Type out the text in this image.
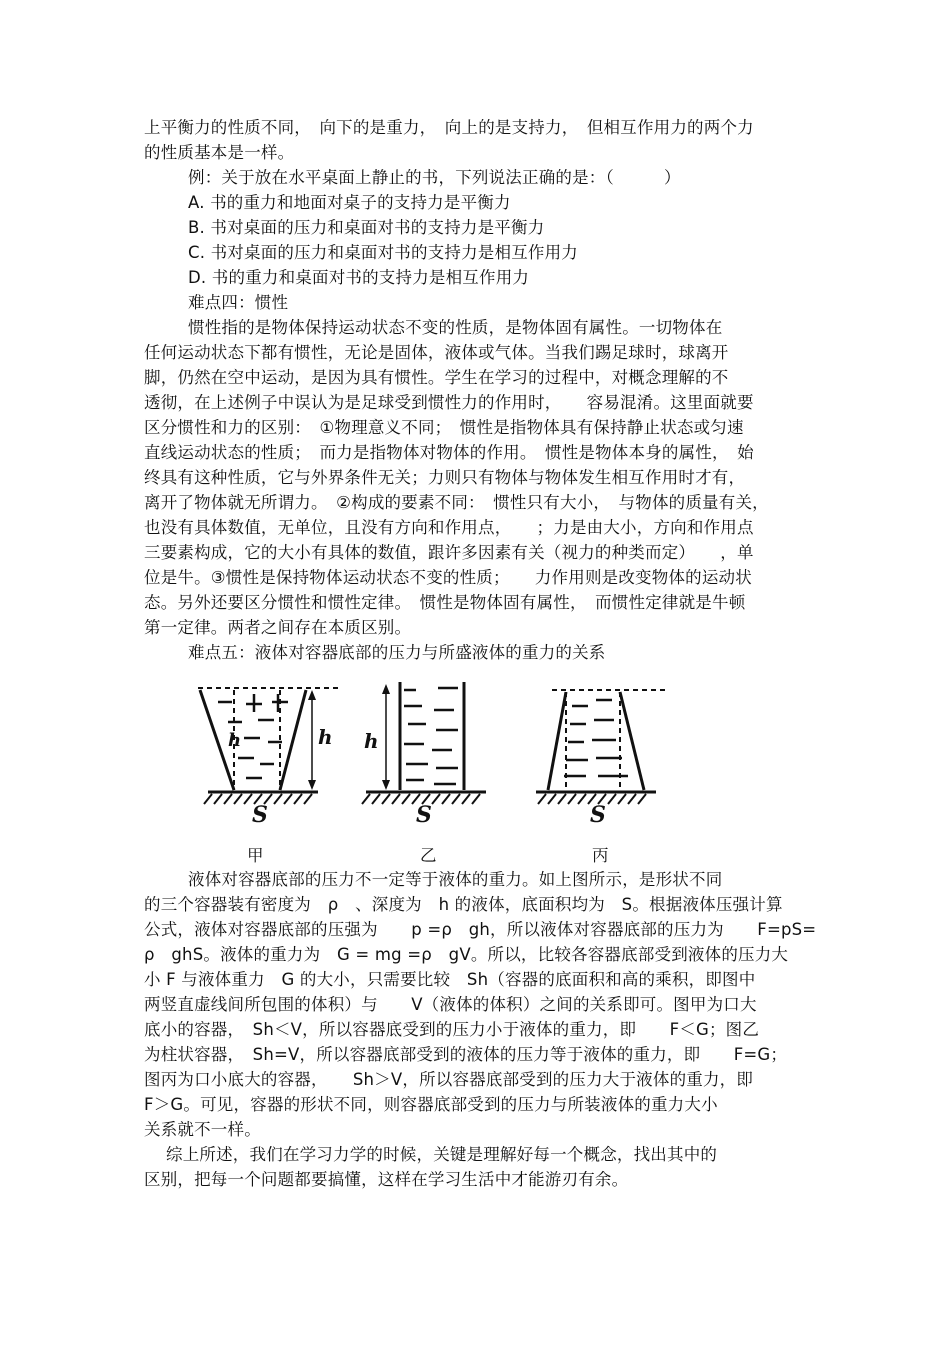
上平衡力的性质不同，　向下的是重力，　向上的是支持力，　但相互作用力的两个力
的性质基本是一样。
例：关于放在水平桌面上静止的书，下列说法正确的是：（　　　）
A. 书的重力和地面对桌子的支持力是平衡力
B. 书对桌面的压力和桌面对书的支持力是平衡力
C. 书对桌面的压力和桌面对书的支持力是相互作用力
D. 书的重力和桌面对书的支持力是相互作用力
难点四：惯性
惯性指的是物体保持运动状态不变的性质，是物体固有属性。一切物体在
任何运动状态下都有惯性，无论是固体，液体或气体。当我们踢足球时，球离开
脚，仍然在空中运动，是因为具有惯性。学生在学习的过程中，对概念理解的不
透彻，在上述例子中误认为是足球受到惯性力的作用时，　　容易混淆。这里面就要
区分惯性和力的区别：　①物理意义不同；　惯性是指物体具有保持静止状态或匀速
直线运动状态的性质；　而力是指物体对物体的作用。　惯性是物体本身的属性，　始
终具有这种性质，它与外界条件无关；力则只有物体与物体发生相互作用时才有，
离开了物体就无所谓力。　②构成的要素不同：　惯性只有大小，　与物体的质量有关，
也没有具体数值，无单位，且没有方向和作用点，　　；力是由大小，方向和作用点
三要素构成，它的大小有具体的数值，跟许多因素有关（视力的种类而定）　　，单
位是牛。③惯性是保持物体运动状态不变的性质；　　力作用则是改变物体的运动状
态。另外还要区分惯性和惯性定律。　惯性是物体固有属性，　而惯性定律就是牛顿
第一定律。两者之间存在本质区别。
难点五：液体对容器底部的压力与所盛液体的重力的关系
h
h
S
h
S	S
甲	乙	丙
液体对容器底部的压力不一定等于液体的重力。如上图所示，是形状不同
的三个容器装有密度为　ρ　、深度为　h 的液体，底面积均为　S。根据液体压强计算
公式，液体对容器底部的压强为　　p =ρ　gh，所以液体对容器底部的压力为　　F=pS=
ρ　ghS。液体的重力为　G = mg =ρ　gV。所以，比较各容器底部受到液体的压力大
小 F 与液体重力　G 的大小，只需要比较　Sh（容器的底面积和高的乘积，即图中
两竖直虚线间所包围的体积）与　　V（液体的体积）之间的关系即可。图甲为口大
底小的容器，　Sh＜V，所以容器底受到的压力小于液体的重力，即　　F＜G；图乙
为柱状容器，　Sh=V，所以容器底部受到的液体的压力等于液体的重力，即　　F=G；
图丙为口小底大的容器，　　Sh＞V，所以容器底部受到的压力大于液体的重力，即
F＞G。可见，容器的形状不同，则容器底部受到的压力与所装液体的重力大小
关系就不一样。
综上所述，我们在学习力学的时候，关键是理解好每一个概念，找出其中的
区别，把每一个问题都要搞懂，这样在学习生活中才能游刃有余。
